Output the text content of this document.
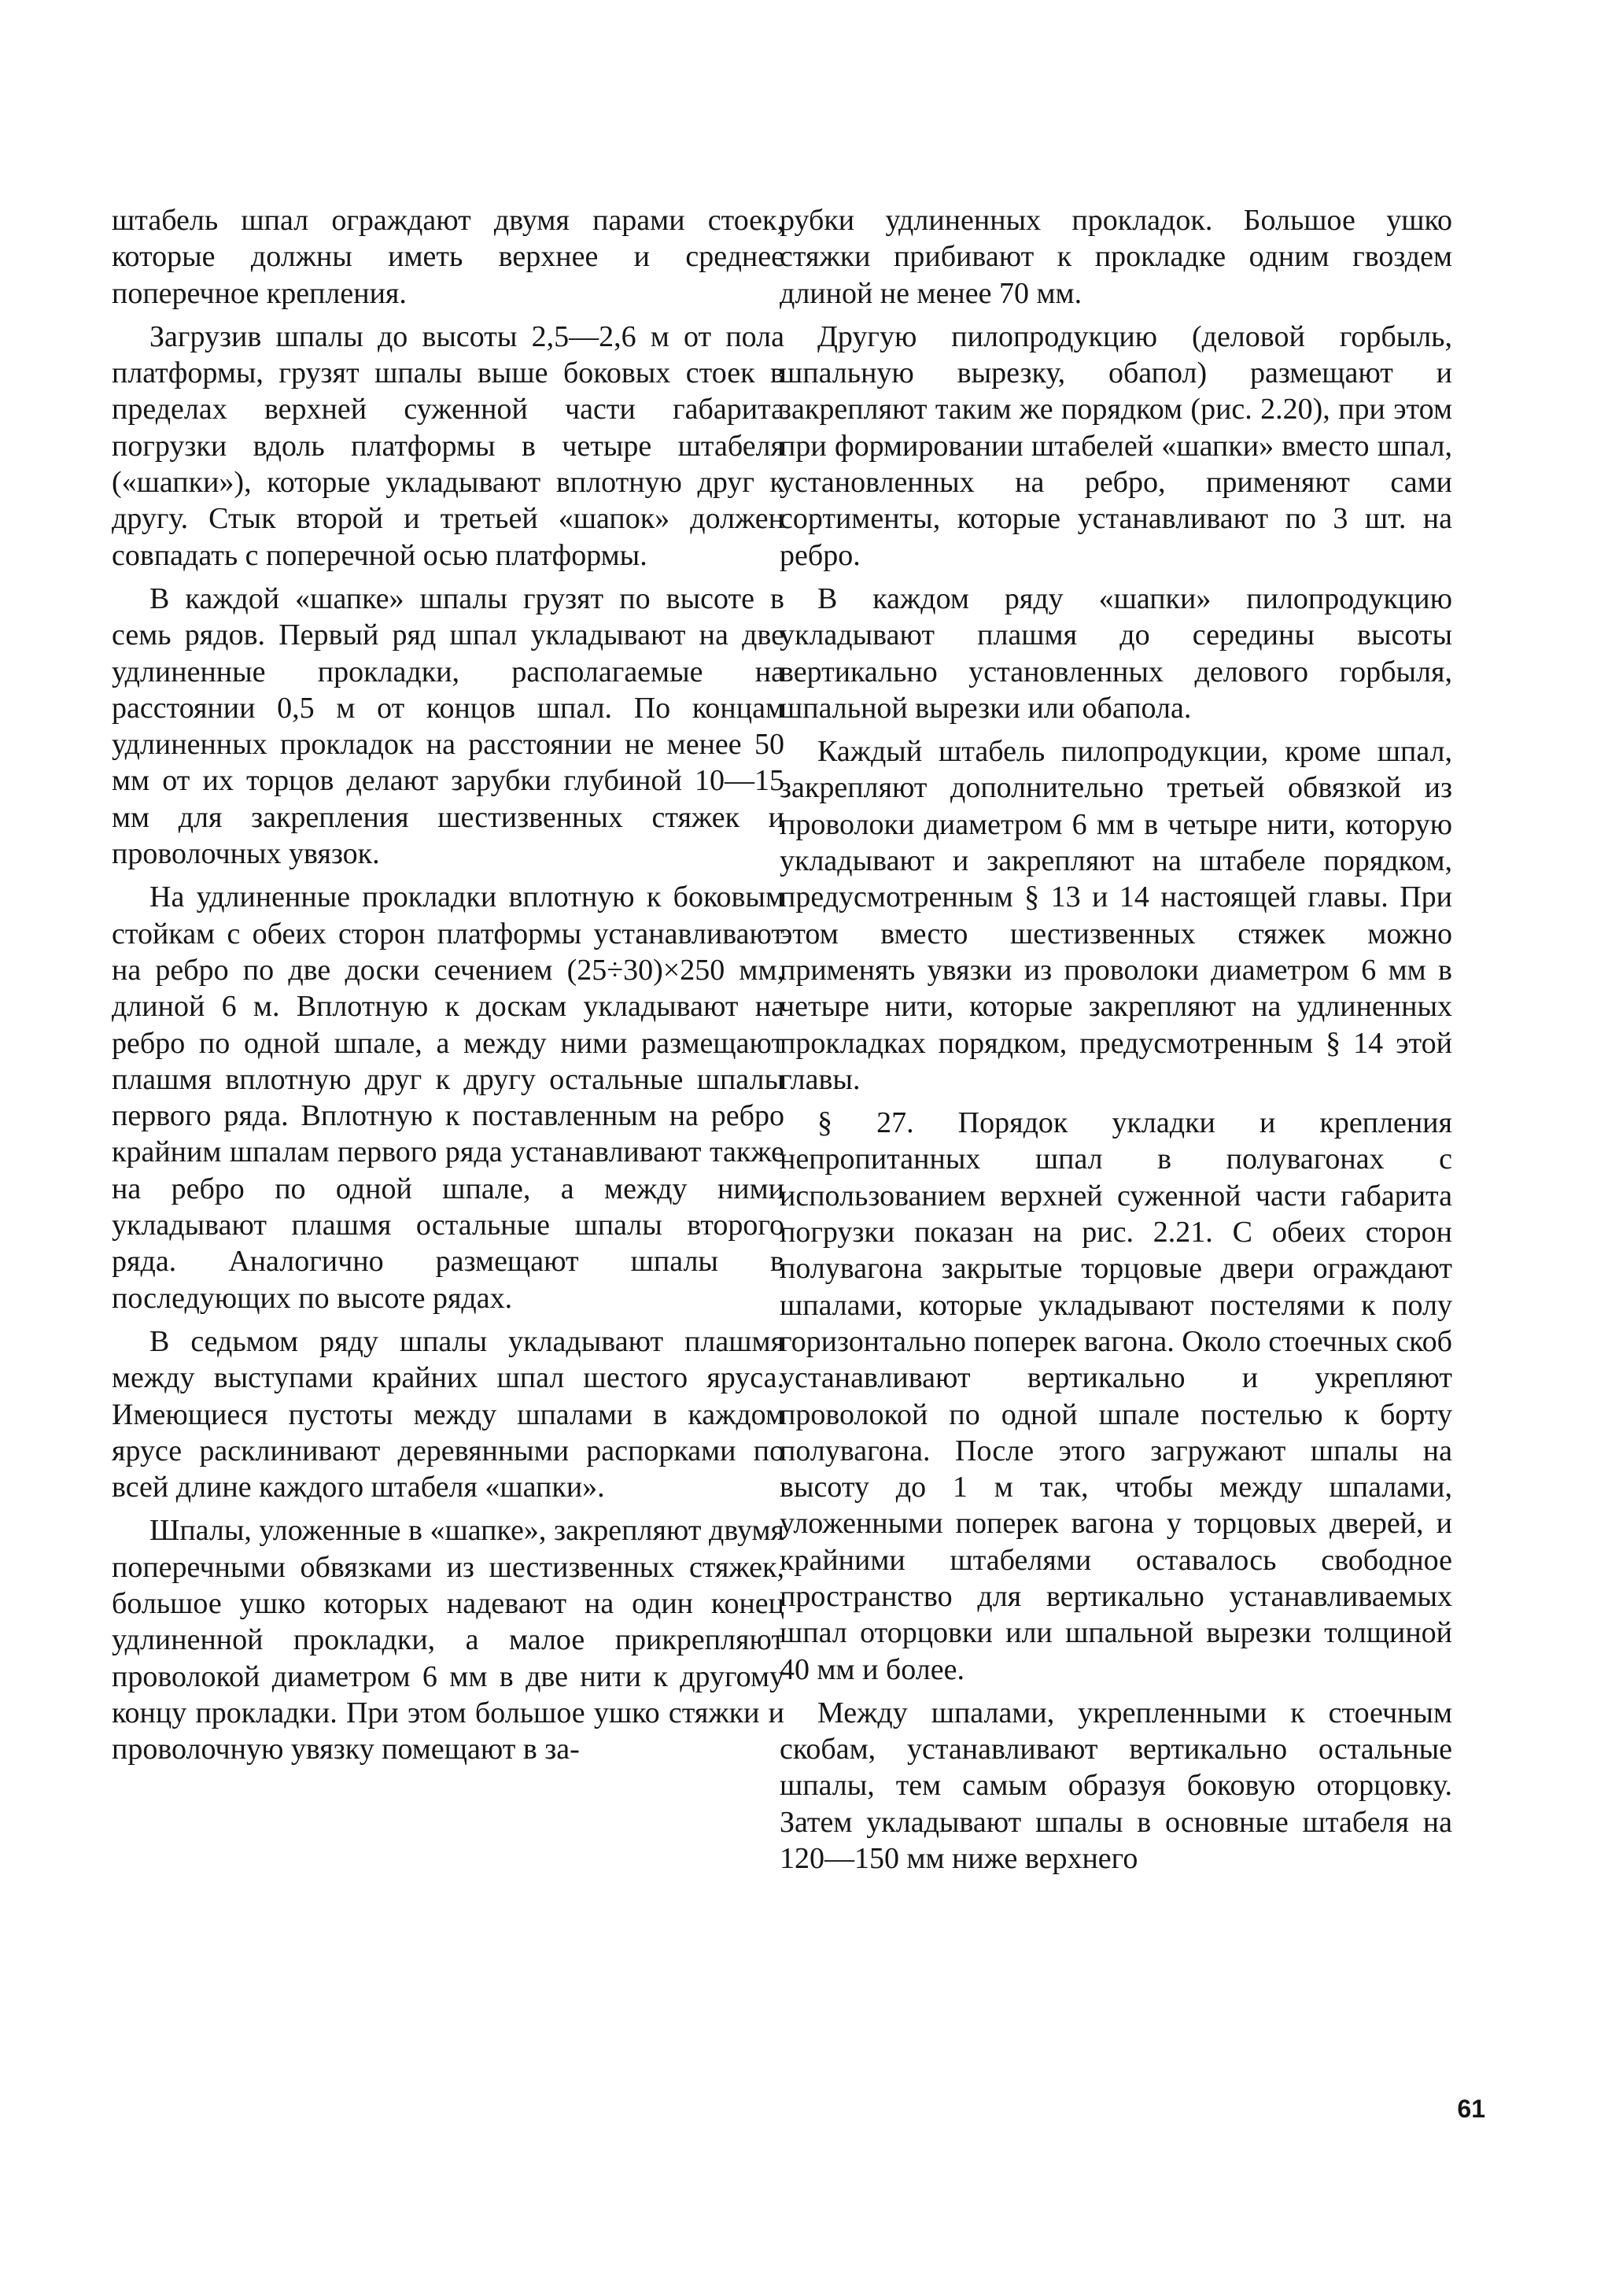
штабель шпал ограждают двумя парами стоек, которые должны иметь верхнее и среднее поперечное крепления.

Загрузив шпалы до высоты 2,5—2,6 м от пола платформы, грузят шпалы выше боковых стоек в пределах верхней суженной части габарита погрузки вдоль платформы в четыре штабеля («шапки»), которые укладывают вплотную друг к другу. Стык второй и третьей «шапок» должен совпадать с поперечной осью платформы.

В каждой «шапке» шпалы грузят по высоте в семь рядов. Первый ряд шпал укладывают на две удлиненные прокладки, располагаемые на расстоянии 0,5 м от концов шпал. По концам удлиненных прокладок на расстоянии не менее 50 мм от их торцов делают зарубки глубиной 10—15 мм для закрепления шестизвенных стяжек и проволочных увязок.

На удлиненные прокладки вплотную к боковым стойкам с обеих сторон платформы устанавливают на ребро по две доски сечением (25÷30)×250 мм, длиной 6 м. Вплотную к доскам укладывают на ребро по одной шпале, а между ними размещают плашмя вплотную друг к другу остальные шпалы первого ряда. Вплотную к поставленным на ребро крайним шпалам первого ряда устанавливают также на ребро по одной шпале, а между ними укладывают плашмя остальные шпалы второго ряда. Аналогично размещают шпалы в последующих по высоте рядах.

В седьмом ряду шпалы укладывают плашмя между выступами крайних шпал шестого яруса. Имеющиеся пустоты между шпалами в каждом ярусе расклинивают деревянными распорками по всей длине каждого штабеля «шапки».

Шпалы, уложенные в «шапке», закрепляют двумя поперечными обвязками из шестизвенных стяжек, большое ушко которых надевают на один конец удлиненной прокладки, а малое прикрепляют проволокой диаметром 6 мм в две нити к другому концу прокладки. При этом большое ушко стяжки и проволочную увязку помещают в за-

рубки удлиненных прокладок. Большое ушко стяжки прибивают к прокладке одним гвоздем длиной не менее 70 мм.

Другую пилопродукцию (деловой горбыль, шпальную вырезку, обапол) размещают и закрепляют таким же порядком (рис. 2.20), при этом при формировании штабелей «шапки» вместо шпал, установленных на ребро, применяют сами сортименты, которые устанавливают по 3 шт. на ребро.

В каждом ряду «шапки» пилопродукцию укладывают плашмя до середины высоты вертикально установленных делового горбыля, шпальной вырезки или обапола.

Каждый штабель пилопродукции, кроме шпал, закрепляют дополнительно третьей обвязкой из проволоки диаметром 6 мм в четыре нити, которую укладывают и закрепляют на штабеле порядком, предусмотренным § 13 и 14 настоящей главы. При этом вместо шестизвенных стяжек можно применять увязки из проволоки диаметром 6 мм в четыре нити, которые закрепляют на удлиненных прокладках порядком, предусмотренным § 14 этой главы.

§ 27. Порядок укладки и крепления непропитанных шпал в полувагонах с использованием верхней суженной части габарита погрузки показан на рис. 2.21. С обеих сторон полувагона закрытые торцовые двери ограждают шпалами, которые укладывают постелями к полу горизонтально поперек вагона. Около стоечных скоб устанавливают вертикально и укрепляют проволокой по одной шпале постелью к борту полувагона. После этого загружают шпалы на высоту до 1 м так, чтобы между шпалами, уложенными поперек вагона у торцовых дверей, и крайними штабелями оставалось свободное пространство для вертикально устанавливаемых шпал оторцовки или шпальной вырезки толщиной 40 мм и более.

Между шпалами, укрепленными к стоечным скобам, устанавливают вертикально остальные шпалы, тем самым образуя боковую оторцовку. Затем укладывают шпалы в основные штабеля на 120—150 мм ниже верхнего

61
